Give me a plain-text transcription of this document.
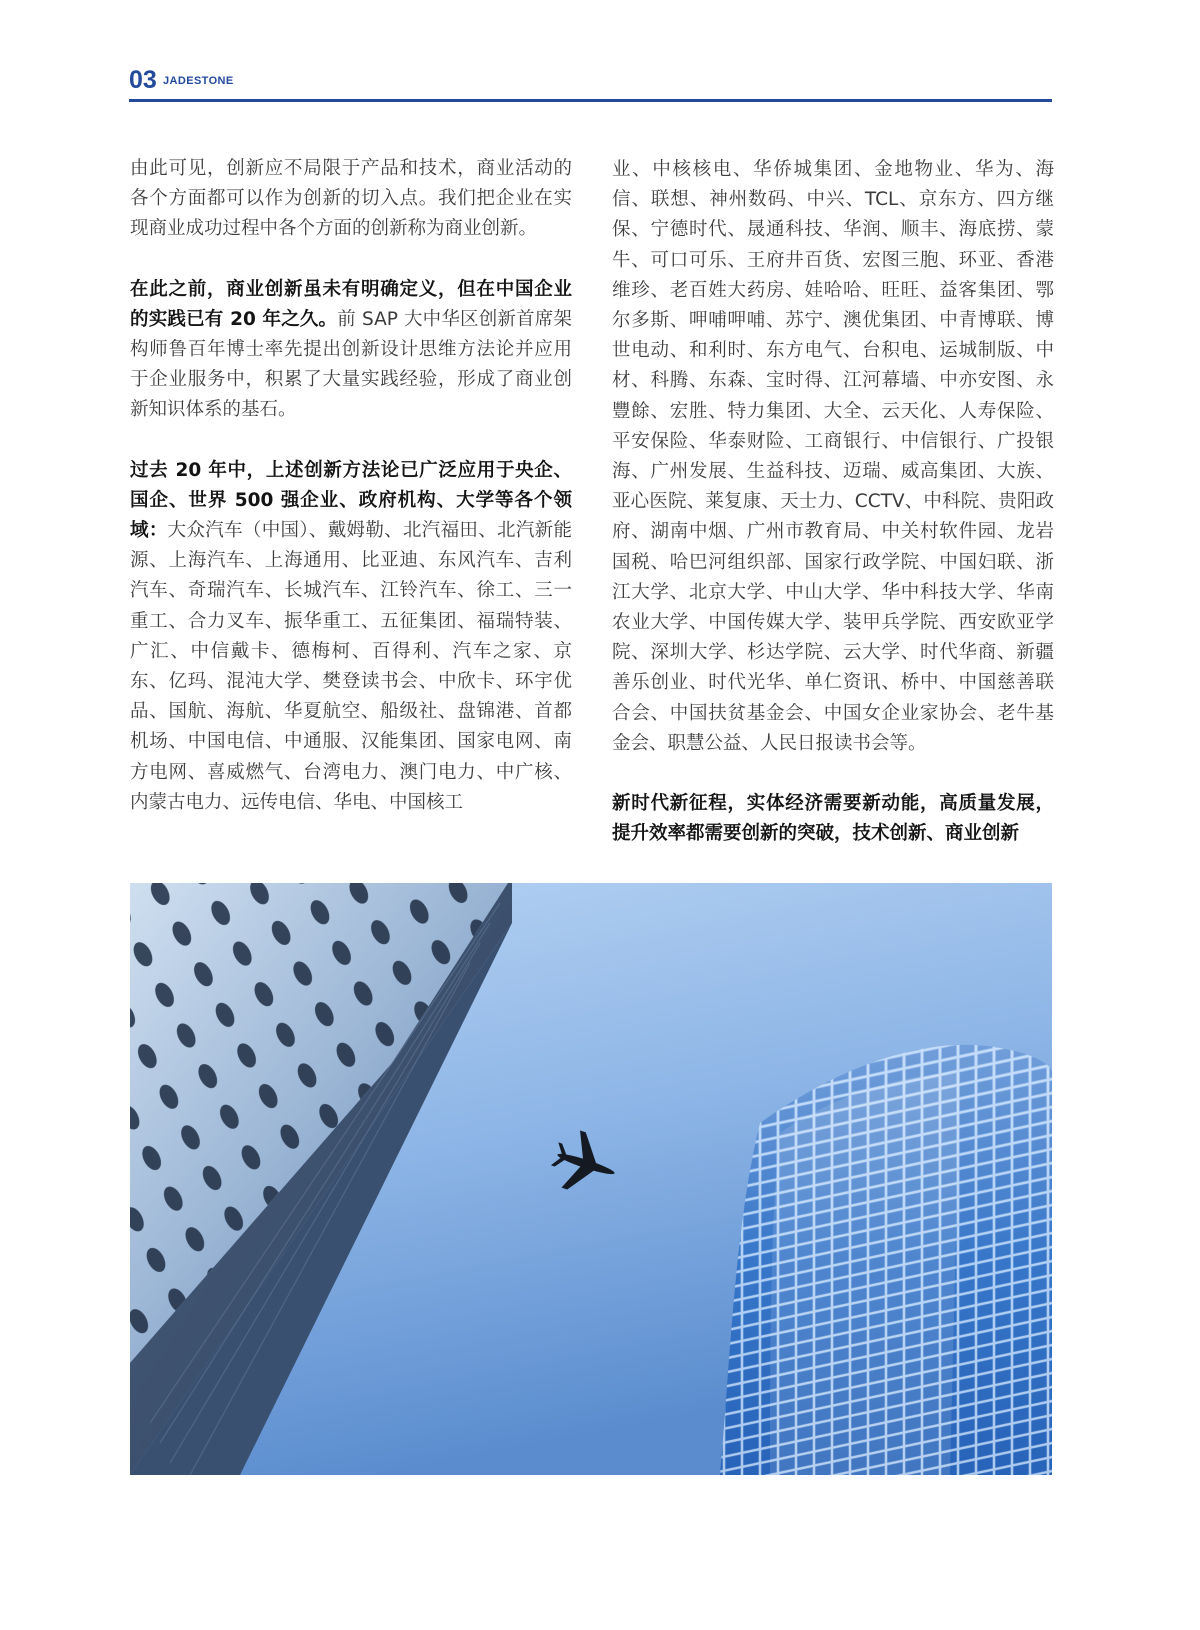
03 JADESTONE

由此可见，创新应不局限于产品和技术，商业活动的各个方面都可以作为创新的切入点。我们把企业在实现商业成功过程中各个方面的创新称为商业创新。

在此之前，商业创新虽未有明确定义，但在中国企业的实践已有 20 年之久。前 SAP 大中华区创新首席架构师鲁百年博士率先提出创新设计思维方法论并应用于企业服务中，积累了大量实践经验，形成了商业创新知识体系的基石。

过去 20 年中，上述创新方法论已广泛应用于央企、国企、世界 500 强企业、政府机构、大学等各个领域：大众汽车（中国）、戴姆勒、北汽福田、北汽新能源、上海汽车、上海通用、比亚迪、东风汽车、吉利汽车、奇瑞汽车、长城汽车、江铃汽车、徐工、三一重工、合力叉车、振华重工、五征集团、福瑞特装、广汇、中信戴卡、德梅柯、百得利、汽车之家、京东、亿玛、混沌大学、樊登读书会、中欣卡、环宇优品、国航、海航、华夏航空、船级社、盘锦港、首都机场、中国电信、中通服、汉能集团、国家电网、南方电网、喜威燃气、台湾电力、澳门电力、中广核、内蒙古电力、远传电信、华电、中国核工

业、中核核电、华侨城集团、金地物业、华为、海信、联想、神州数码、中兴、TCL、京东方、四方继保、宁德时代、晟通科技、华润、顺丰、海底捞、蒙牛、可口可乐、王府井百货、宏图三胞、环亚、香港维珍、老百姓大药房、娃哈哈、旺旺、益客集团、鄂尔多斯、呷哺呷哺、苏宁、澳优集团、中青博联、博世电动、和利时、东方电气、台积电、运城制版、中材、科腾、东森、宝时得、江河幕墙、中亦安图、永豐餘、宏胜、特力集团、大全、云天化、人寿保险、平安保险、华泰财险、工商银行、中信银行、广投银海、广州发展、生益科技、迈瑞、威高集团、大族、亚心医院、莱复康、天士力、CCTV、中科院、贵阳政府、湖南中烟、广州市教育局、中关村软件园、龙岩国税、哈巴河组织部、国家行政学院、中国妇联、浙江大学、北京大学、中山大学、华中科技大学、华南农业大学、中国传媒大学、装甲兵学院、西安欧亚学院、深圳大学、杉达学院、云大学、时代华商、新疆善乐创业、时代光华、单仁资讯、桥中、中国慈善联合会、中国扶贫基金会、中国女企业家协会、老牛基金会、职慧公益、人民日报读书会等。

新时代新征程，实体经济需要新动能，高质量发展，提升效率都需要创新的突破，技术创新、商业创新
